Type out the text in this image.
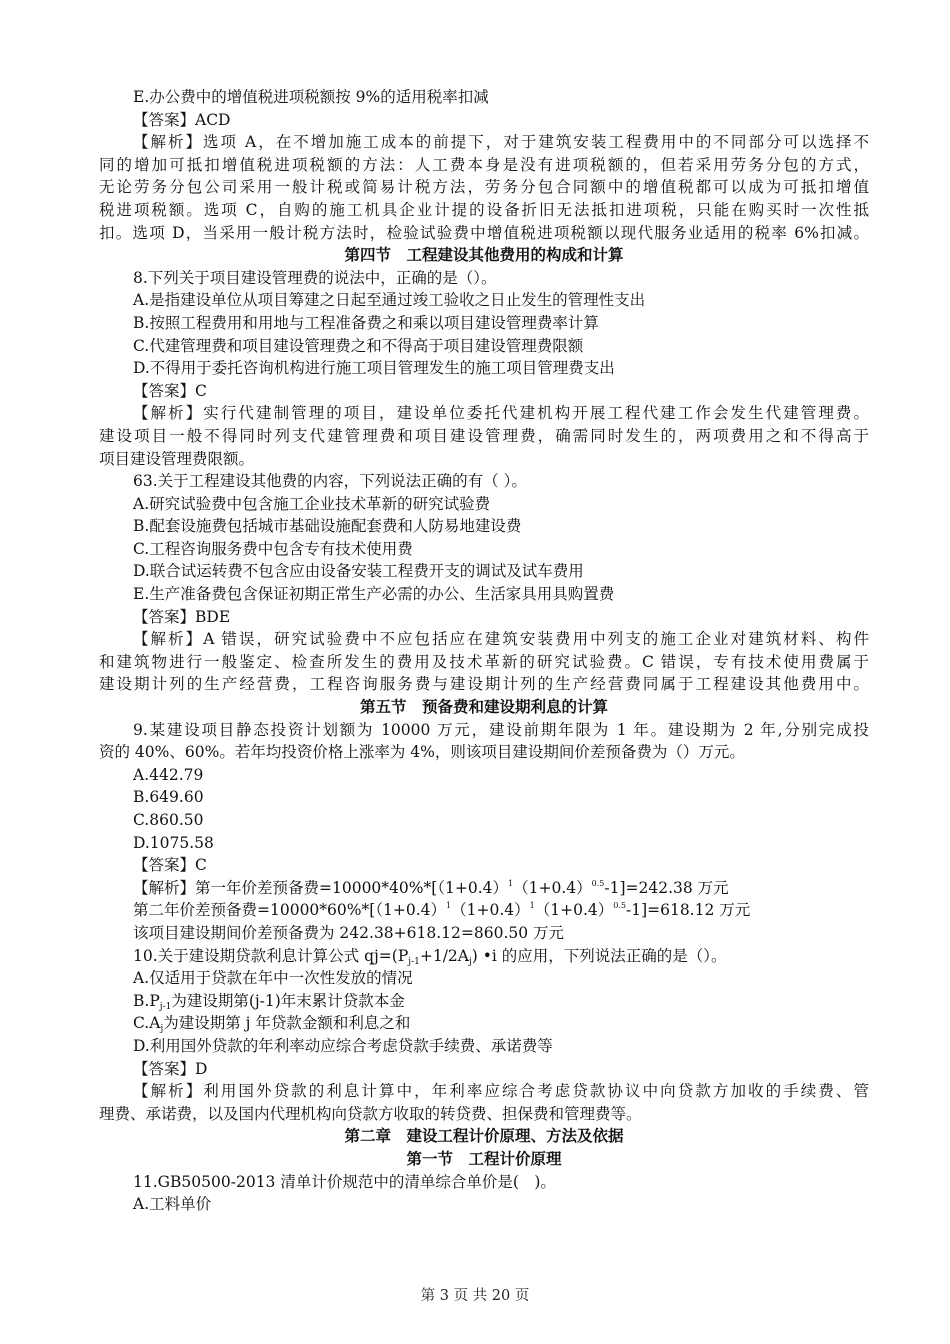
E.办公费中的增值税进项税额按 9%的适用税率扣减

【答案】ACD

【解析】选项 A，在不增加施工成本的前提下，对于建筑安装工程费用中的不同部分可以选择不

同的增加可抵扣增值税进项税额的方法：人工费本身是没有进项税额的，但若采用劳务分包的方式，

无论劳务分包公司采用一般计税或简易计税方法，劳务分包合同额中的增值税都可以成为可抵扣增值

税进项税额。选项 C，自购的施工机具企业计提的设备折旧无法抵扣进项税，只能在购买时一次性抵

扣。选项 D，当采用一般计税方法时，检验试验费中增值税进项税额以现代服务业适用的税率 6%扣减。

第四节　工程建设其他费用的构成和计算

8.下列关于项目建设管理费的说法中，正确的是（）。

A.是指建设单位从项目筹建之日起至通过竣工验收之日止发生的管理性支出

B.按照工程费用和用地与工程准备费之和乘以项目建设管理费率计算

C.代建管理费和项目建设管理费之和不得高于项目建设管理费限额

D.不得用于委托咨询机构进行施工项目管理发生的施工项目管理费支出

【答案】C

【解析】实行代建制管理的项目，建设单位委托代建机构开展工程代建工作会发生代建管理费。

建设项目一般不得同时列支代建管理费和项目建设管理费，确需同时发生的，两项费用之和不得高于

项目建设管理费限额。

63.关于工程建设其他费的内容，下列说法正确的有（ ）。

A.研究试验费中包含施工企业技术革新的研究试验费

B.配套设施费包括城市基础设施配套费和人防易地建设费

C.工程咨询服务费中包含专有技术使用费

D.联合试运转费不包含应由设备安装工程费开支的调试及试车费用

E.生产准备费包含保证初期正常生产必需的办公、生活家具用具购置费

【答案】BDE

【解析】A 错误，研究试验费中不应包括应在建筑安装费用中列支的施工企业对建筑材料、构件

和建筑物进行一般鉴定、检查所发生的费用及技术革新的研究试验费。C 错误，专有技术使用费属于

建设期计列的生产经营费，工程咨询服务费与建设期计列的生产经营费同属于工程建设其他费用中。

第五节　预备费和建设期利息的计算

9.某建设项目静态投资计划额为 10000 万元，建设前期年限为 1 年。建设期为 2 年,分别完成投

资的 40%、60%。若年均投资价格上涨率为 4%，则该项目建设期间价差预备费为（）万元。

A.442.79

B.649.60

C.860.50

D.1075.58

【答案】C

【解析】第一年价差预备费$=10000*40\%*[(1+0.4)^1(1+0.4)^{0.5}-1]=242.38$ 万元

第二年价差预备费$=10000*60\%*[(1+0.4)^1(1+0.4)^1(1+0.4)^{0.5}-1]=618.12$ 万元

该项目建设期间价差预备费为 242.38+618.12=860.50 万元

10.关于建设期贷款利息计算公式 $qj=(P_{j-1}+1/2A_j)$ •i 的应用，下列说法正确的是（）。

A.仅适用于贷款在年中一次性发放的情况

$B.P_{j-1}$为建设期第(j-1)年末累计贷款本金

$C.A_j$为建设期第 j 年贷款金额和利息之和

D.利用国外贷款的年利率动应综合考虑贷款手续费、承诺费等

【答案】D

【解析】利用国外贷款的利息计算中，年利率应综合考虑贷款协议中向贷款方加收的手续费、管

理费、承诺费，以及国内代理机构向贷款方收取的转贷费、担保费和管理费等。

第二章　建设工程计价原理、方法及依据

第一节　工程计价原理

11.GB50500-2013 清单计价规范中的清单综合单价是(　)。

A.工料单价

第 3 页 共 20 页
